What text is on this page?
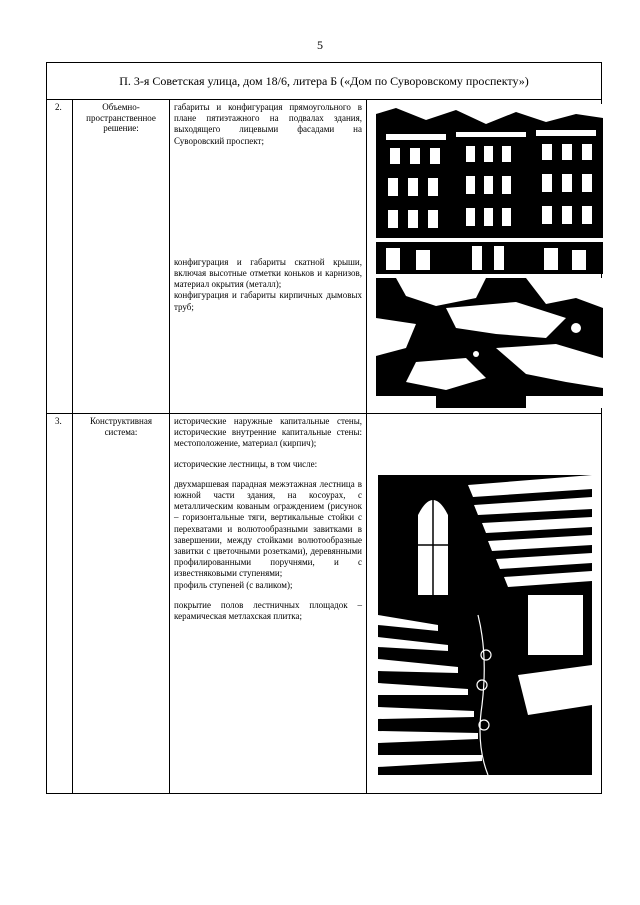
5
П. 3-я Советская улица, дом 18/6, литера Б («Дом по Суворовскому проспекту»)			
2.	Объемно-пространственное решение:	габариты и конфигурация прямоугольного в плане пятиэтажного на подвалах здания, выходящего лицевыми фасадами на Суворовский проспект;

конфигурация и габариты скатной крыши, включая высотные отметки коньков и карнизов, материал окрытия (металл);

конфигурация и габариты кирпичных дымовых труб;

3.	Конструктивная система:	исторические наружные капитальные стены, исторические внутренние капитальные стены: местоположение, материал (кирпич);

исторические лестницы, в том числе:

двухмаршевая парадная межэтажная лестница в южной части здания, на косоурах, с металлическим кованым ограждением (рисунок – горизонтальные тяги, вертикальные стойки с перехватами и волютообразными завитками в завершении, между стойками волютообразные завитки с цветочными розетками), деревянными профилированными поручнями, и с известняковыми ступенями;

профиль ступеней (с валиком);

покрытие полов лестничных площадок – керамическая метлахская плитка;
